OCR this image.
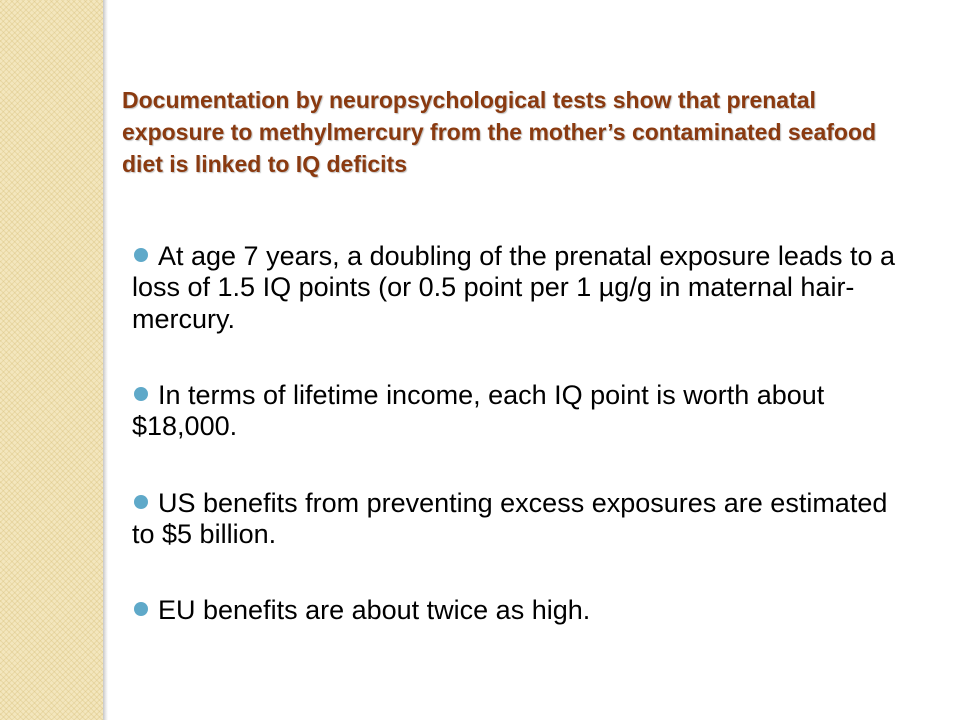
Documentation by neuropsychological tests show that prenatal exposure to methylmercury from the mother’s contaminated seafood diet is linked to IQ deficits
At age 7 years, a doubling of the prenatal exposure leads to a loss of 1.5 IQ points (or 0.5 point per 1 µg/g in maternal hair-mercury.
In terms of lifetime income, each IQ point is worth about $18,000.
US benefits from preventing excess exposures are estimated to $5 billion.
EU benefits are about twice as high.
